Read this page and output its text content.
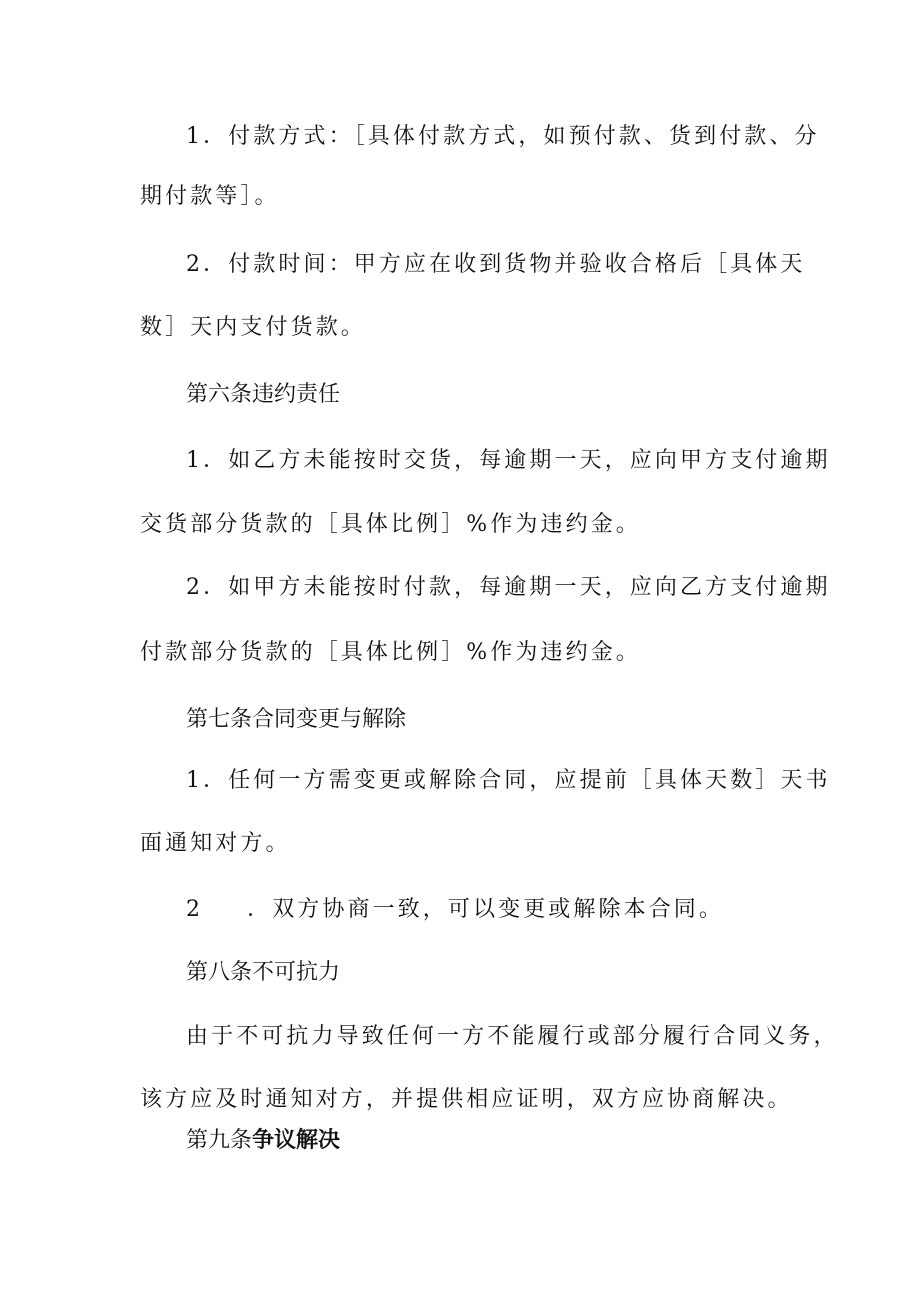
1．付款方式：［具体付款方式，如预付款、货到付款、分
期付款等］。
2．付款时间：甲方应在收到货物并验收合格后［具体天
数］天内支付货款。
第六条违约责任
1．如乙方未能按时交货，每逾期一天，应向甲方支付逾期
交货部分货款的［具体比例］%作为违约金。
2．如甲方未能按时付款，每逾期一天，应向乙方支付逾期
付款部分货款的［具体比例］%作为违约金。
第七条合同变更与解除
1．任何一方需变更或解除合同，应提前［具体天数］天书
面通知对方。
2 ．双方协商一致，可以变更或解除本合同。
第八条不可抗力
由于不可抗力导致任何一方不能履行或部分履行合同义务，
该方应及时通知对方，并提供相应证明，双方应协商解决。
第九条争议解决
